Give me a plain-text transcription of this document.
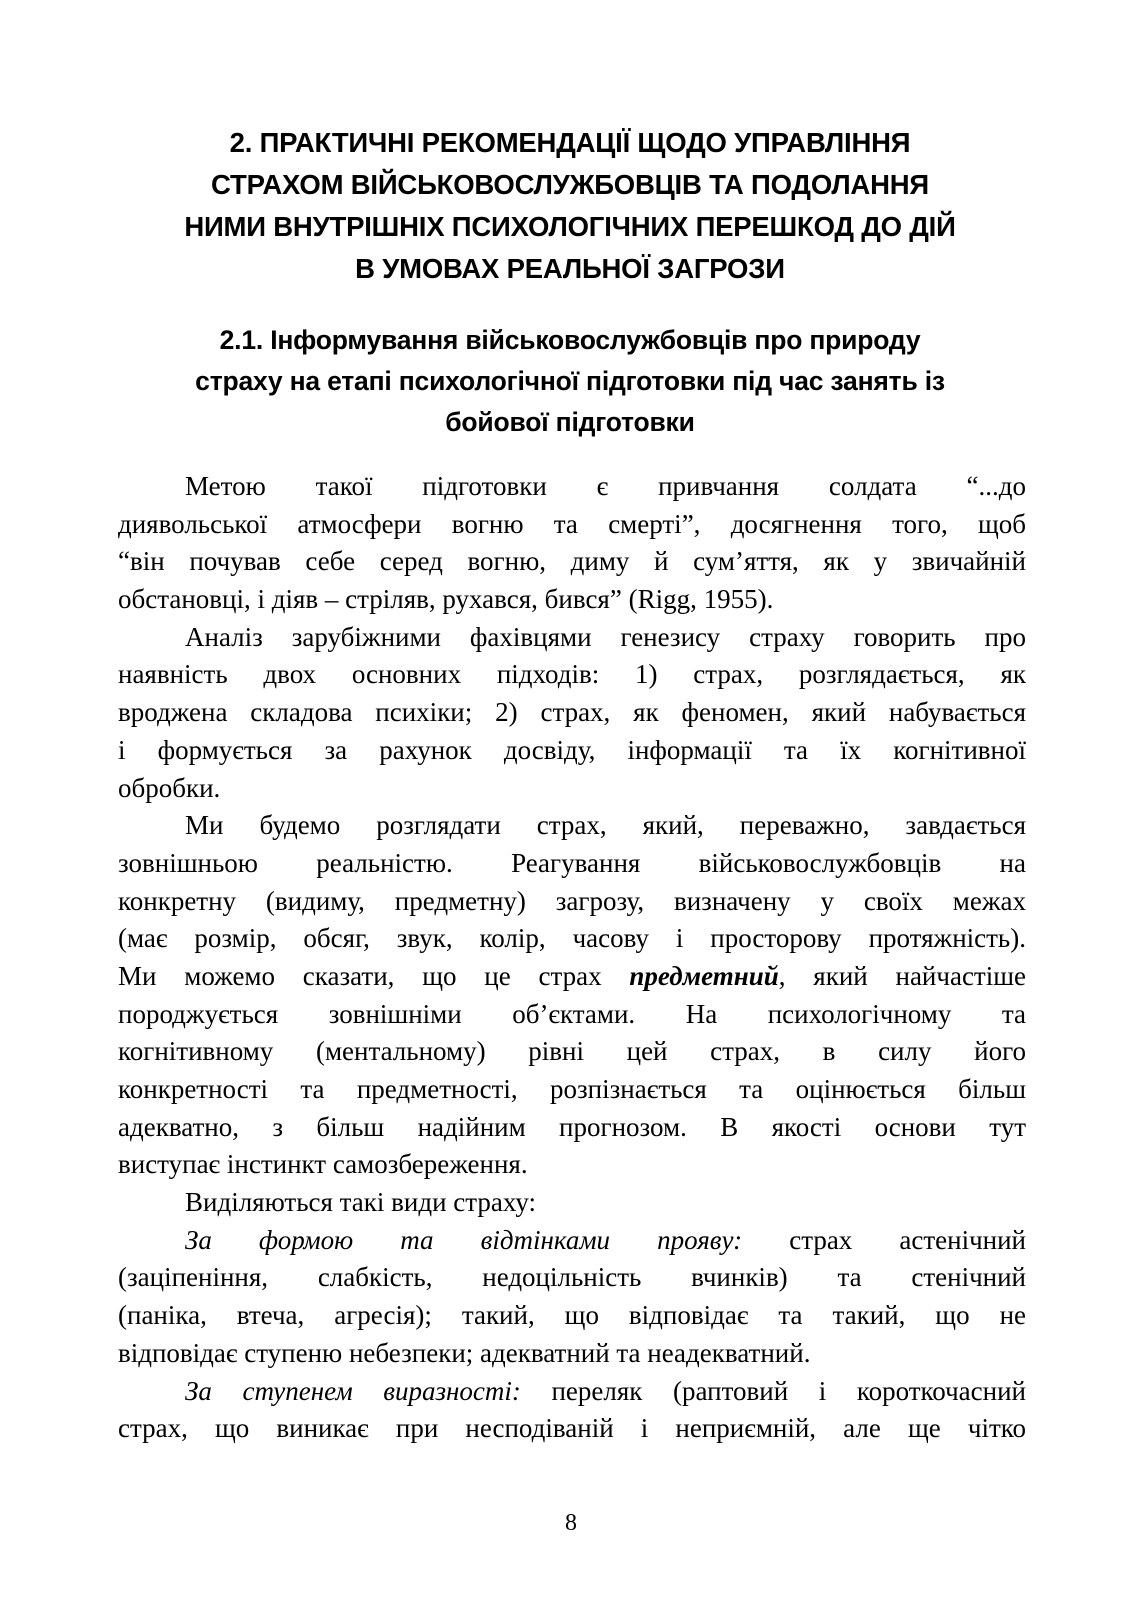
2. ПРАКТИЧНІ РЕКОМЕНДАЦІЇ ЩОДО УПРАВЛІННЯ
СТРАХОМ ВІЙСЬКОВОСЛУЖБОВЦІВ ТА ПОДОЛАННЯ
НИМИ ВНУТРІШНІХ ПСИХОЛОГІЧНИХ ПЕРЕШКОД ДО ДІЙ
В УМОВАХ РЕАЛЬНОЇ ЗАГРОЗИ
2.1. Інформування військовослужбовців про природу
страху на етапі психологічної підготовки під час занять із
бойової підготовки
Метою такої підготовки є привчання солдата “...до
диявольської атмосфери вогню та смерті”, досягнення того, щоб
“він почував себе серед вогню, диму й сум’яття, як у звичайній
обстановці, і діяв – стріляв, рухався, бився” (Rigg, 1955).
Аналіз зарубіжними фахівцями генезису страху говорить про
наявність двох основних підходів: 1) страх, розглядається, як
вроджена складова психіки; 2) страх, як феномен, який набувається
і формується за рахунок досвіду, інформації та їх когнітивної
обробки.
Ми будемо розглядати страх, який, переважно, завдається
зовнішньою реальністю. Реагування військовослужбовців на
конкретну (видиму, предметну) загрозу, визначену у своїх межах
(має розмір, обсяг, звук, колір, часову і просторову протяжність).
Ми можемо сказати, що це страх предметний, який найчастіше
породжується зовнішніми об’єктами. На психологічному та
когнітивному (ментальному) рівні цей страх, в силу його
конкретності та предметності, розпізнається та оцінюється більш
адекватно, з більш надійним прогнозом. В якості основи тут
виступає інстинкт самозбереження.
Виділяються такі види страху:
За формою та відтінками прояву: страх астенічний
(заціпеніння, слабкість, недоцільність вчинків) та стенічний
(паніка, втеча, агресія); такий, що відповідає та такий, що не
відповідає ступеню небезпеки; адекватний та неадекватний.
За ступенем виразності: переляк (раптовий і короткочасний
страх, що виникає при несподіваній і неприємній, але ще чітко
8
